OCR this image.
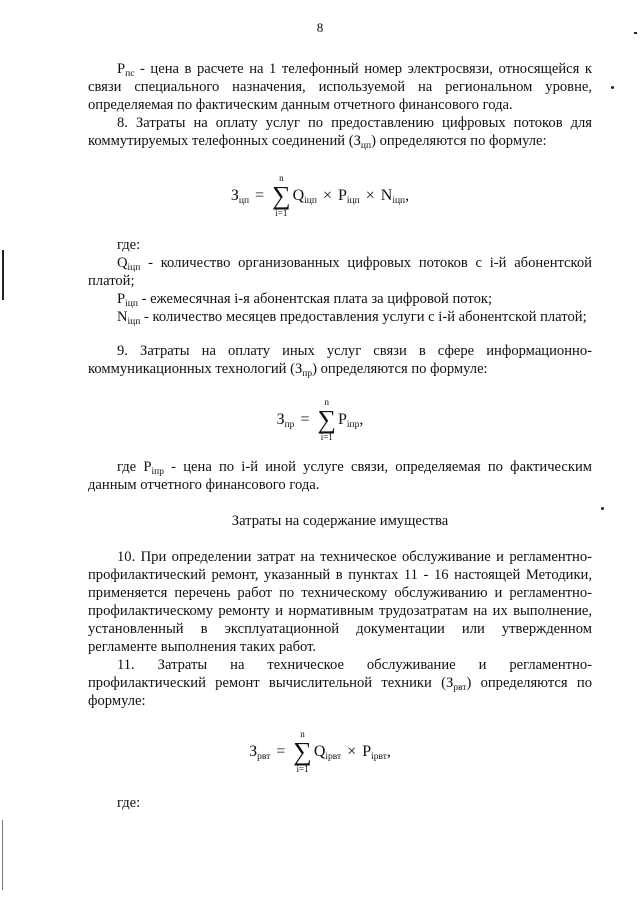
8

$P_{пс}$ - цена в расчете на 1 телефонный номер электросвязи, относящейся к связи специального назначения, используемой на региональном уровне, определяемая по фактическим данным отчетного финансового года.

8. Затраты на оплату услуг по предоставлению цифровых потоков для коммутируемых телефонных соединений $(З_{цп})$ определяются по формуле:

$З_{цп}$ =
n
∑
i=1
$Q_{iцп} \times P_{iцп} \times N_{iцп}$ ,

где:

$Q_{iцп}$ - количество организованных цифровых потоков с i-й абонентской платой;

$P_{iцп}$ - ежемесячная i-я абонентская плата за цифровой поток;

$N_{iцп}$ - количество месяцев предоставления услуги с i-й абонентской платой;

9. Затраты на оплату иных услуг связи в сфере информационно-коммуникационных технологий $(З_{пр})$ определяются по формуле:

$З_{пр}$ =
n
∑
i=1
$P_{iпр}$ ,

где $P_{iпр}$ - цена по i-й иной услуге связи, определяемая по фактическим данным отчетного финансового года.

Затраты на содержание имущества

10. При определении затрат на техническое обслуживание и регламентно-профилактический ремонт, указанный в пунктах 11 - 16 настоящей Методики, применяется перечень работ по техническому обслуживанию и регламентно-профилактическому ремонту и нормативным трудозатратам на их выполнение, установленный в эксплуатационной документации или утвержденном регламенте выполнения таких работ.

11. Затраты на техническое обслуживание и регламентно-профилактический ремонт вычислительной техники $(З_{рвт})$ определяются по формуле:

$З_{рвт}$ =
n
∑
i=1
$Q_{iрвт} \times P_{iрвт}$ ,

где:
